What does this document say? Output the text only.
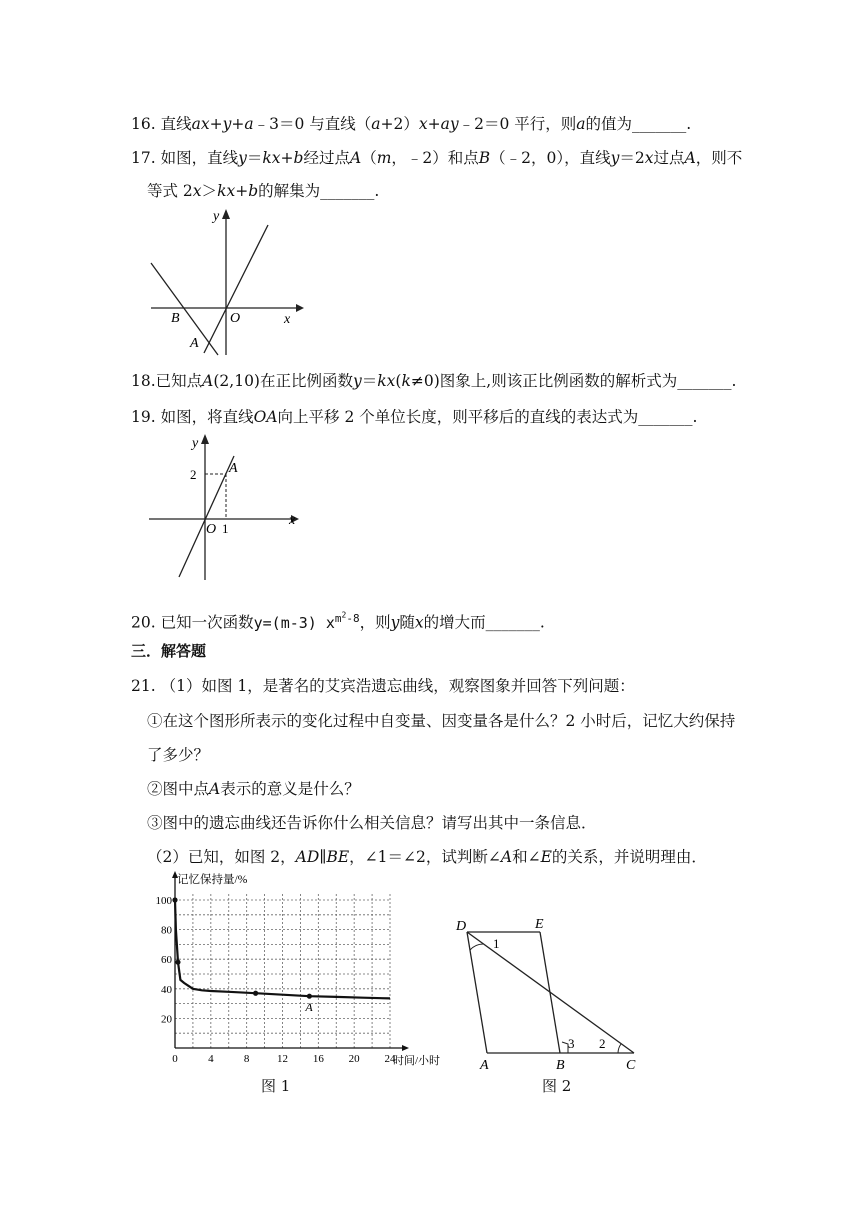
16. 直线ax+y+a﹣3＝0 与直线（a+2）x+ay﹣2＝0 平行，则a的值为_______.
17. 如图，直线y＝kx+b经过点A（m，﹣2）和点B（﹣2，0），直线y＝2x过点A，则不
等式 2x＞kx+b的解集为_______.
y
x
B	O
A
18.已知点A(2,10)在正比例函数y＝kx(k≠0)图象上,则该正比例函数的解析式为_______.
19. 如图，将直线OA向上平移 2 个单位长度，则平移后的直线的表达式为_______.
y
x
2 A
O 1
20. 已知一次函数y=(m-3) $x^{m^2-8}$，则y随x的增大而_______.
三．解答题
21. （1）如图 1，是著名的艾宾浩遗忘曲线，观察图象并回答下列问题：
①在这个图形所表示的变化过程中自变量、因变量各是什么？2 小时后，记忆大约保持
了多少？
②图中点A表示的意义是什么？
③图中的遗忘曲线还告诉你什么相关信息？请写出其中一条信息．
（2）已知，如图 2，AD∥BE，∠1＝∠2，试判断∠A和∠E的关系，并说明理由．
0	4	8	12 16 20 24
20
40
60
80
100
记忆保持量/%
时间/小时
A
图 1
D	E
1
3 2
A	B	C
图 2
